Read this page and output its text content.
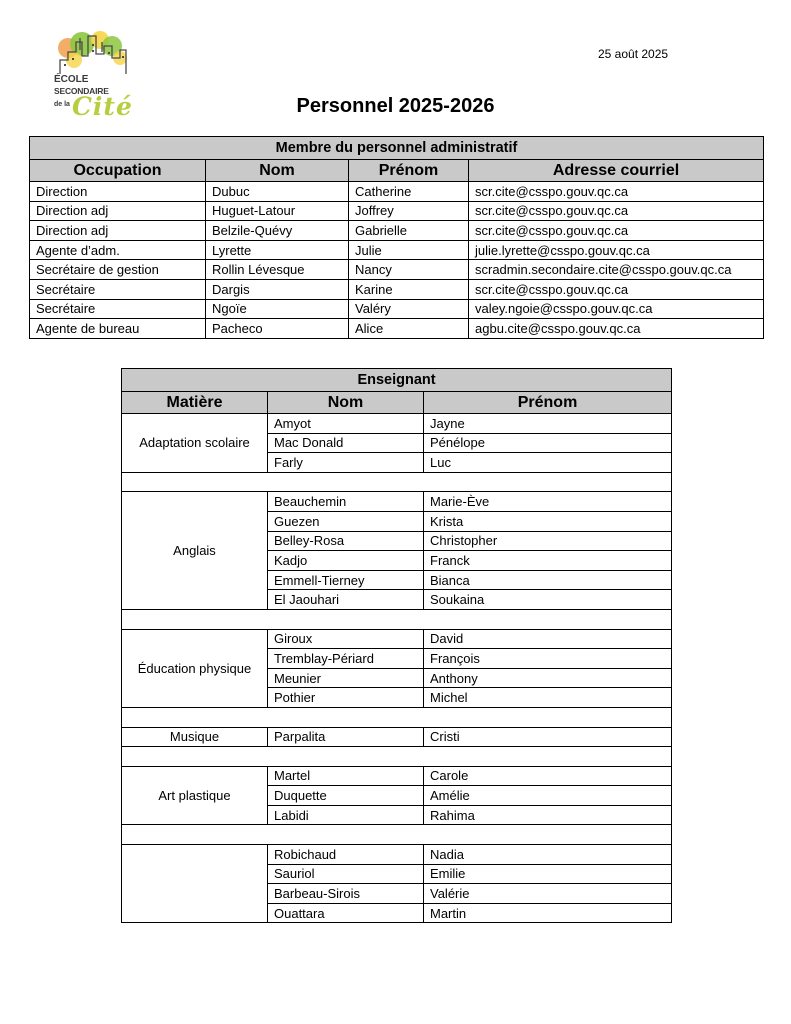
ÉCOLE
SECONDAIRE
de la Cité
25 août 2025
Personnel 2025-2026
Membre du personnel administratif			
Occupation	Nom	Prénom	Adresse courriel
Direction	Dubuc	Catherine	scr.cite@csspo.gouv.qc.ca
Direction adj	Huguet-Latour	Joffrey	scr.cite@csspo.gouv.qc.ca
Direction adj	Belzile-Quévy	Gabrielle	scr.cite@csspo.gouv.qc.ca
Agente d’adm.	Lyrette	Julie	julie.lyrette@csspo.gouv.qc.ca
Secrétaire de gestion	Rollin Lévesque	Nancy	scradmin.secondaire.cite@csspo.gouv.qc.ca
Secrétaire	Dargis	Karine	scr.cite@csspo.gouv.qc.ca
Secrétaire	Ngoïe	Valéry	valey.ngoie@csspo.gouv.qc.ca
Agente de bureau	Pacheco	Alice	agbu.cite@csspo.gouv.qc.ca
Enseignant		
Matière	Nom	Prénom
Adaptation scolaire	Amyot	Jayne
	Mac Donald	Pénélope
	Farly	Luc

Anglais	Beauchemin	Marie-Ève
	Guezen	Krista
	Belley-Rosa	Christopher
	Kadjo	Franck
	Emmell-Tierney	Bianca
	El Jaouhari	Soukaina

Éducation physique	Giroux	David
	Tremblay-Périard	François
	Meunier	Anthony
	Pothier	Michel

Musique	Parpalita	Cristi

Art plastique	Martel	Carole
	Duquette	Amélie
	Labidi	Rahima

	Robichaud	Nadia
	Sauriol	Emilie
	Barbeau-Sirois	Valérie
	Ouattara	Martin
